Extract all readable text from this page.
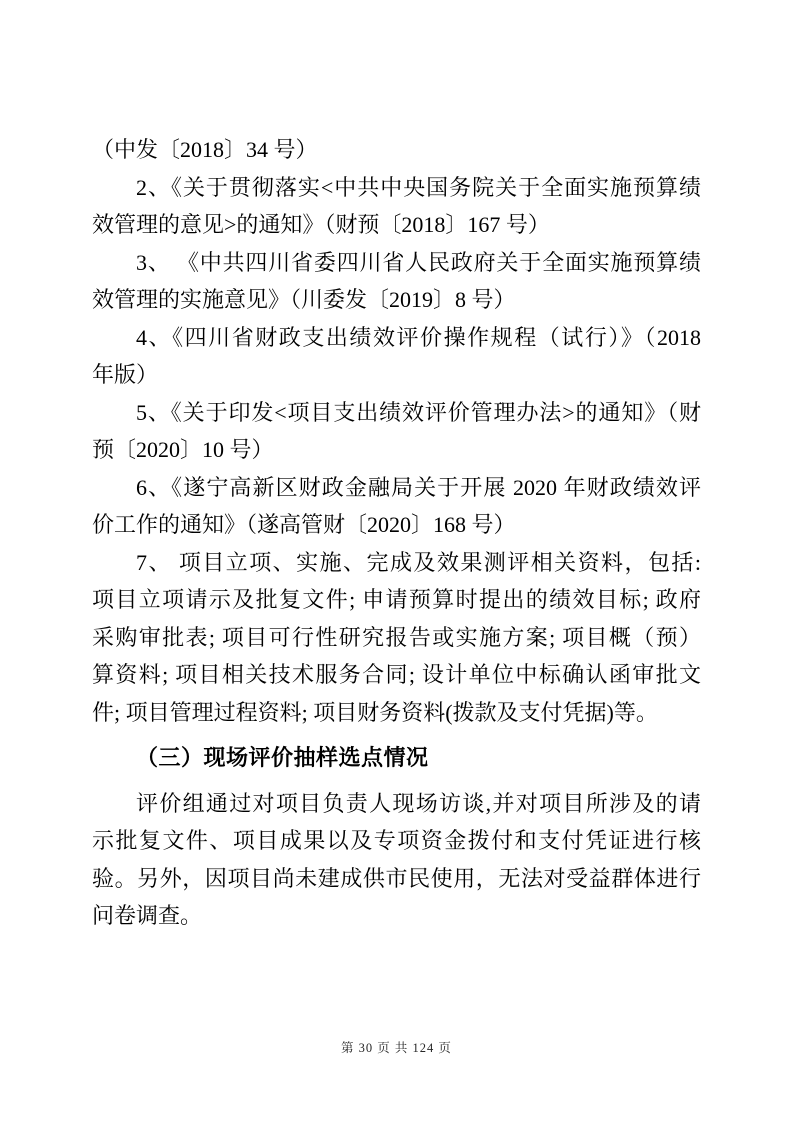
（中发〔2018〕34 号）
2、《关于贯彻落实<中共中央国务院关于全面实施预算绩
效管理的意见>的通知》（财预〔2018〕167 号）
3、 《中共四川省委四川省人民政府关于全面实施预算绩
效管理的实施意见》（川委发〔2019〕8 号）
4、《四川省财政支出绩效评价操作规程（试行）》（2018
年版）
5、《关于印发<项目支出绩效评价管理办法>的通知》（财
预〔2020〕10 号）
6、《遂宁高新区财政金融局关于开展 2020 年财政绩效评
价工作的通知》（遂高管财〔2020〕168 号）
7、 项目立项、实施、完成及效果测评相关资料，包括:
项目立项请示及批复文件; 申请预算时提出的绩效目标; 政府
采购审批表; 项目可行性研究报告或实施方案; 项目概（预）
算资料; 项目相关技术服务合同; 设计单位中标确认函审批文
件; 项目管理过程资料; 项目财务资料(拨款及支付凭据)等。
（三）现场评价抽样选点情况
评价组通过对项目负责人现场访谈,并对项目所涉及的请
示批复文件、项目成果以及专项资金拨付和支付凭证进行核
验。另外，因项目尚未建成供市民使用，无法对受益群体进行
问卷调查。
第 30 页 共 124 页
